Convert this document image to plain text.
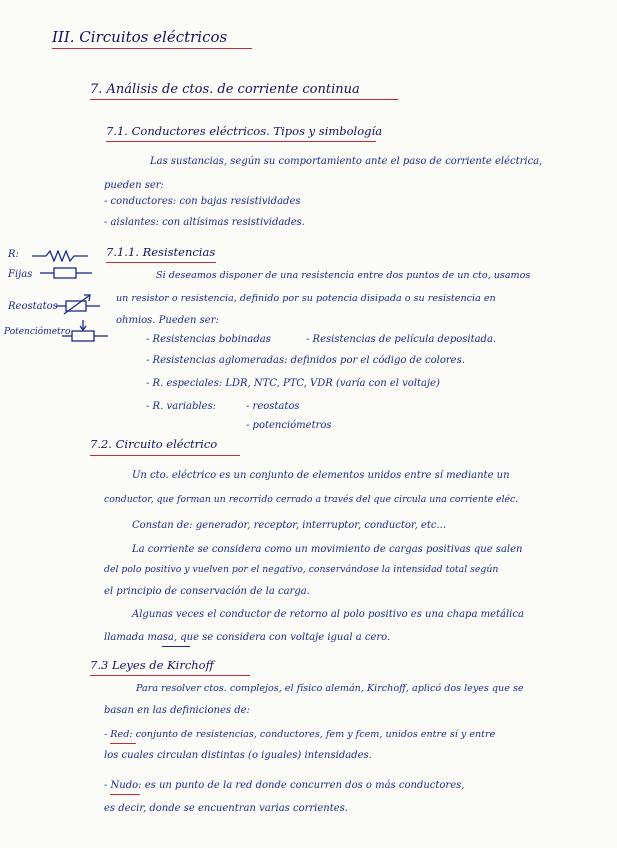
III. Circuitos eléctricos
7. Análisis de ctos. de corriente continua
7.1. Conductores eléctricos. Tipos y simbología
Las sustancias, según su comportamiento ante el paso de corriente eléctrica,
pueden ser:
- conductores: con bajas resistividades
- aislantes: con altísimas resistividades.
R:
Fijas
Reostatos
Potenciómetro
7.1.1. Resistencias
Si deseamos disponer de una resistencia entre dos puntos de un cto, usamos
un resistor o resistencia, definido por su potencia disipada o su resistencia en
ohmios. Pueden ser:
- Resistencias bobinadas	- Resistencias de película depositada.
- Resistencias aglomeradas: definidos por el código de colores.
- R. especiales: LDR, NTC, PTC, VDR (varía con el voltaje)
- R. variables:	- reostatos
- potenciómetros
7.2. Circuito eléctrico
Un cto. eléctrico es un conjunto de elementos unidos entre sí mediante un
conductor, que forman un recorrido cerrado a través del que circula una corriente eléc.
Constan de: generador, receptor, interruptor, conductor, etc...
La corriente se considera como un movimiento de cargas positivas que salen
del polo positivo y vuelven por el negativo, conservándose la intensidad total según
el principio de conservación de la carga.
Algunas veces el conductor de retorno al polo positivo es una chapa metálica
llamada masa, que se considera con voltaje igual a cero.
7.3 Leyes de Kirchoff
Para resolver ctos. complejos, el físico alemán, Kirchoff, aplicó dos leyes que se
basan en las definiciones de:
- Red: conjunto de resistencias, conductores, fem y fcem, unidos entre sí y entre
los cuales circulan distintas (o iguales) intensidades.
- Nudo: es un punto de la red donde concurren dos o más conductores,
es decir, donde se encuentran varias corrientes.
